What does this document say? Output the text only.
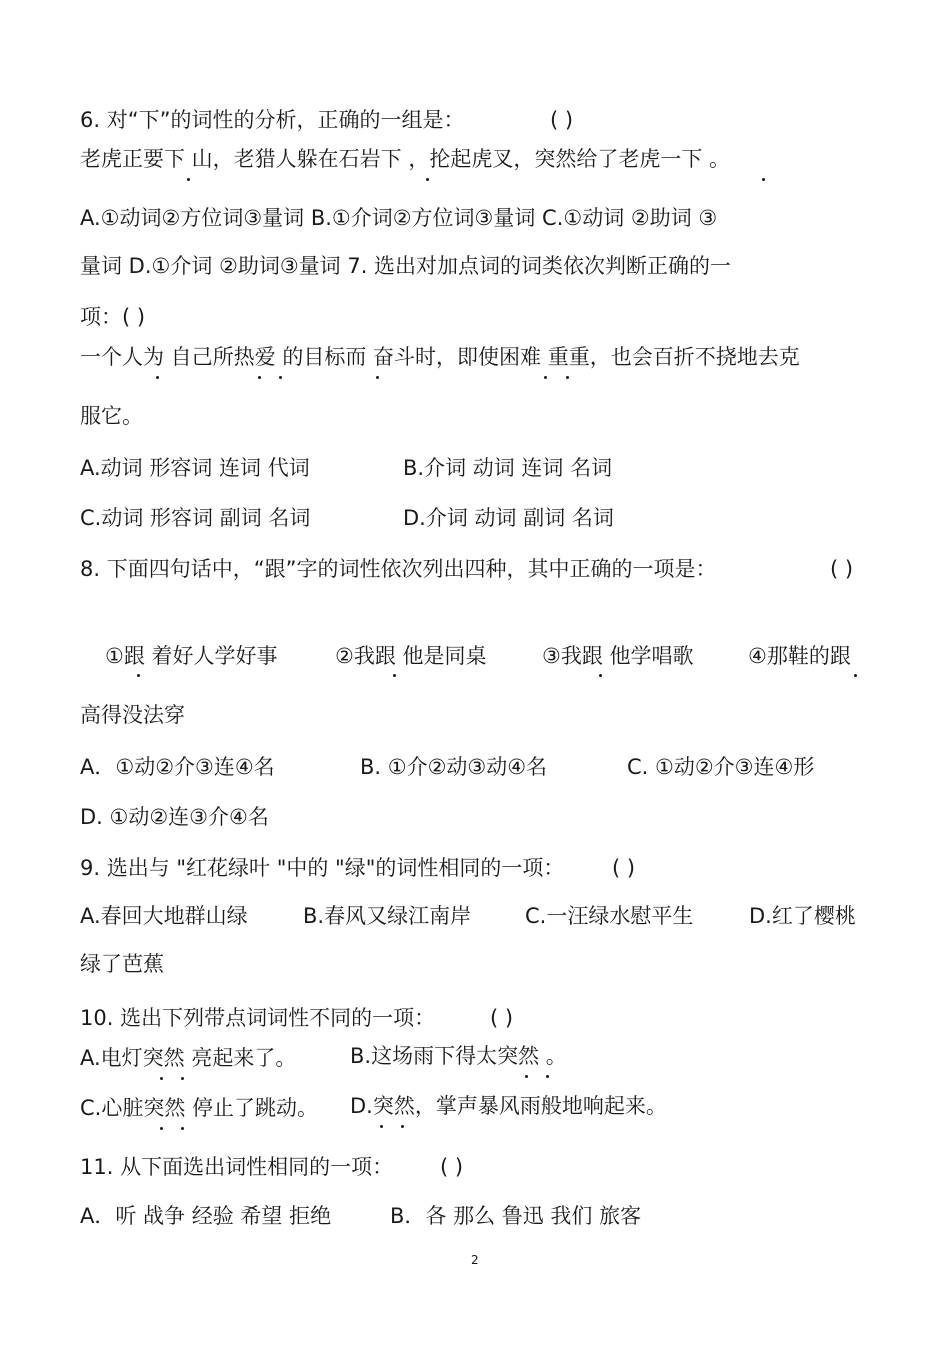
6. 对“下”的词性的分析，正确的一组是：	( )
老虎正要下 山，老猎人躲在石岩下 ，抡起虎叉，突然给了老虎一下 。
A.①动词②方位词③量词 B.①介词②方位词③量词 C.①动词 ②助词 ③
量词 D.①介词 ②助词③量词 7. 选出对加点词的词类依次判断正确的一
项：( )
一个人为 自己所热爱 的目标而 奋斗时，即使困难 重重，也会百折不挠地去克
服它。
A.动词 形容词 连词 代词	B.介词 动词 连词 名词
C.动词 形容词 副词 名词	D.介词 动词 副词 名词
8. 下面四句话中，“跟”字的词性依次列出四种，其中正确的一项是：	( )
①跟 着好人学好事	②我跟 他是同桌	③我跟 他学唱歌	④那鞋的跟
高得没法穿
A．①动②介③连④名	B. ①介②动③动④名	C. ①动②介③连④形
D. ①动②连③介④名
9. 选出与 "红花绿叶 "中的 "绿"的词性相同的一项： ( )
A.春回大地群山绿	B.春风又绿江南岸	C.一汪绿水慰平生	D.红了樱桃
绿了芭蕉
10. 选出下列带点词词性不同的一项：	( )
A.电灯突然 亮起来了。	B.这场雨下得太突然 。
C.心脏突然 停止了跳动。 D.突然，掌声暴风雨般地响起来。
11. 从下面选出词性相同的一项： ( )
A．听 战争 经验 希望 拒绝	B．各 那么 鲁迅 我们 旅客
2
